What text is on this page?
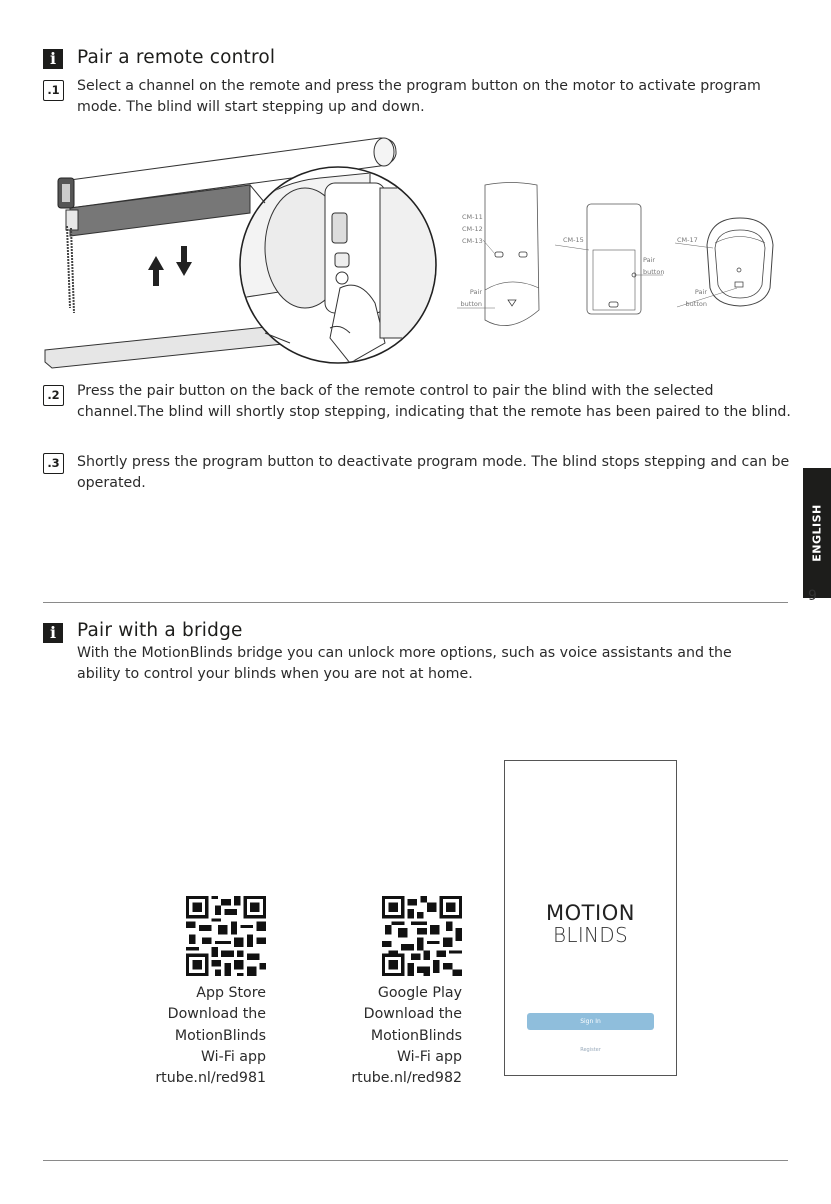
i	Pair a remote control
.1	Select a channel on the remote and press the program button on the motor to activate program mode. The blind will start stepping up and down.
CM-11
CM-12
CM-13
Pair
button
CM-15
Pair
button
CM-17
Pair
button
.2	Press the pair button on the back of the remote control to pair the blind with the selected channel.The blind will shortly stop stepping, indicating that the remote has been paired to the blind.
.3	Shortly press the program button to deactivate program mode. The blind stops stepping and can be operated.
ENGLISH
9
i	Pair with a bridge
With the MotionBlinds bridge you can unlock more options, such as voice assistants and the ability to control your blinds when you are not at home.
App Store
Download the
MotionBlinds
Wi-Fi app
rtube.nl/red981
Google Play
Download the
MotionBlinds
Wi-Fi app
rtube.nl/red982
MOTION
BLINDS
Sign In
Register
